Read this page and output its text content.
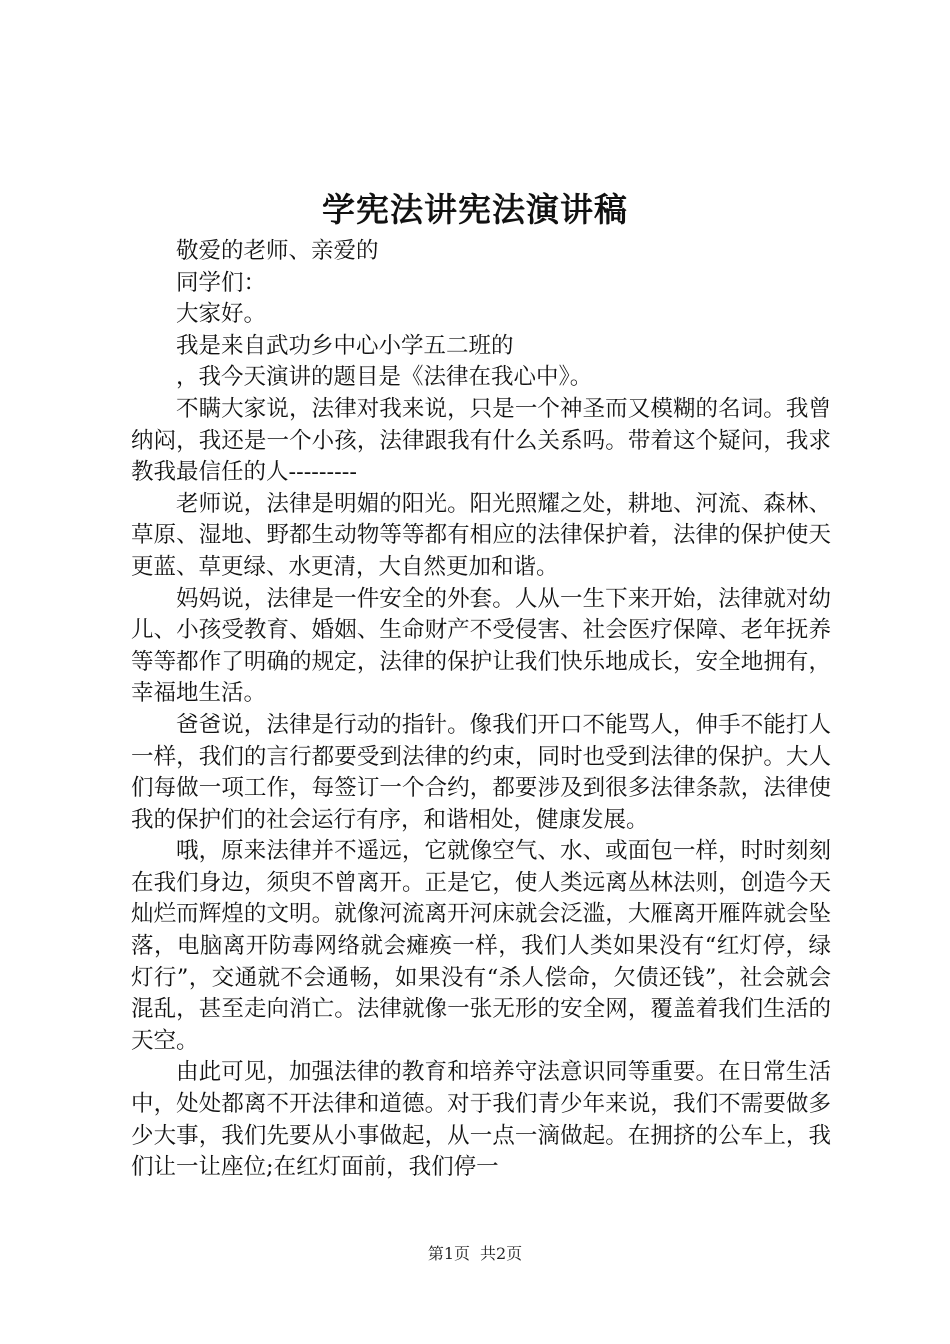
学宪法讲宪法演讲稿

敬爱的老师、亲爱的

同学们：

大家好。

我是来自武功乡中心小学五二班的

，我今天演讲的题目是《法律在我心中》。

不瞒大家说，法律对我来说，只是一个神圣而又模糊的名词。我曾纳闷，我还是一个小孩，法律跟我有什么关系吗。带着这个疑问，我求教我最信任的人---------

老师说，法律是明媚的阳光。阳光照耀之处，耕地、河流、森林、草原、湿地、野都生动物等等都有相应的法律保护着，法律的保护使天更蓝、草更绿、水更清，大自然更加和谐。

妈妈说，法律是一件安全的外套。人从一生下来开始，法律就对幼儿、小孩受教育、婚姻、生命财产不受侵害、社会医疗保障、老年抚养等等都作了明确的规定，法律的保护让我们快乐地成长，安全地拥有，幸福地生活。

爸爸说，法律是行动的指针。像我们开口不能骂人，伸手不能打人一样，我们的言行都要受到法律的约束，同时也受到法律的保护。大人们每做一项工作，每签订一个合约，都要涉及到很多法律条款，法律使我的保护们的社会运行有序，和谐相处，健康发展。

哦，原来法律并不遥远，它就像空气、水、或面包一样，时时刻刻在我们身边，须臾不曾离开。正是它，使人类远离丛林法则，创造今天灿烂而辉煌的文明。就像河流离开河床就会泛滥，大雁离开雁阵就会坠落，电脑离开防毒网络就会瘫痪一样，我们人类如果没有“红灯停，绿灯行”，交通就不会通畅，如果没有“杀人偿命，欠债还钱”，社会就会混乱，甚至走向消亡。法律就像一张无形的安全网，覆盖着我们生活的天空。

由此可见，加强法律的教育和培养守法意识同等重要。在日常生活中，处处都离不开法律和道德。对于我们青少年来说，我们不需要做多少大事，我们先要从小事做起，从一点一滴做起。在拥挤的公车上，我们让一让座位;在红灯面前，我们停一

第1页 共2页
